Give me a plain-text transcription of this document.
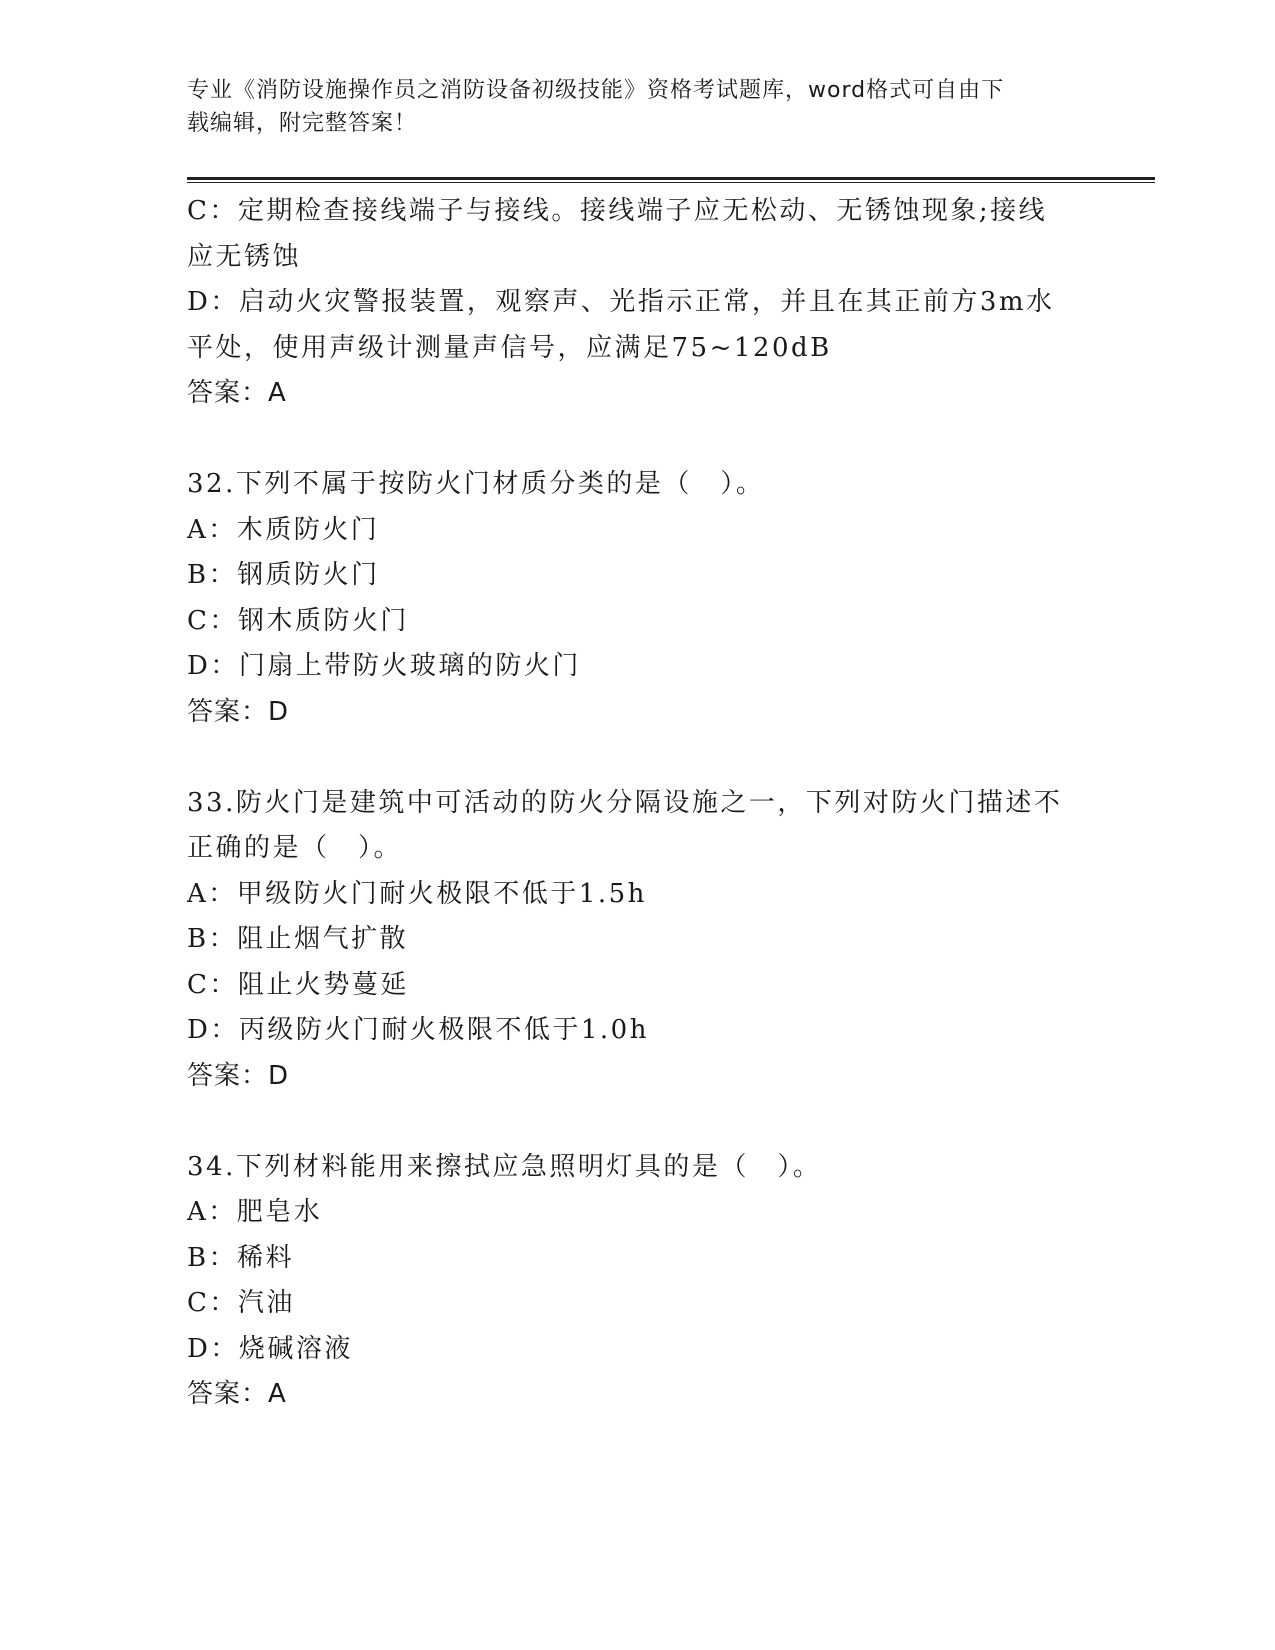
专业《消防设施操作员之消防设备初级技能》资格考试题库，word格式可自由下
载编辑，附完整答案！
C：定期检查接线端子与接线。接线端子应无松动、无锈蚀现象;接线
应无锈蚀
D：启动火灾警报装置，观察声、光指示正常，并且在其正前方3m水
平处，使用声级计测量声信号，应满足75~120dB
答案：A
32.下列不属于按防火门材质分类的是（　）。
A：木质防火门
B：钢质防火门
C：钢木质防火门
D：门扇上带防火玻璃的防火门
答案：D
33.防火门是建筑中可活动的防火分隔设施之一，下列对防火门描述不
正确的是（　）。
A：甲级防火门耐火极限不低于1.5h
B：阻止烟气扩散
C：阻止火势蔓延
D：丙级防火门耐火极限不低于1.0h
答案：D
34.下列材料能用来擦拭应急照明灯具的是（　）。
A：肥皂水
B：稀料
C：汽油
D：烧碱溶液
答案：A
